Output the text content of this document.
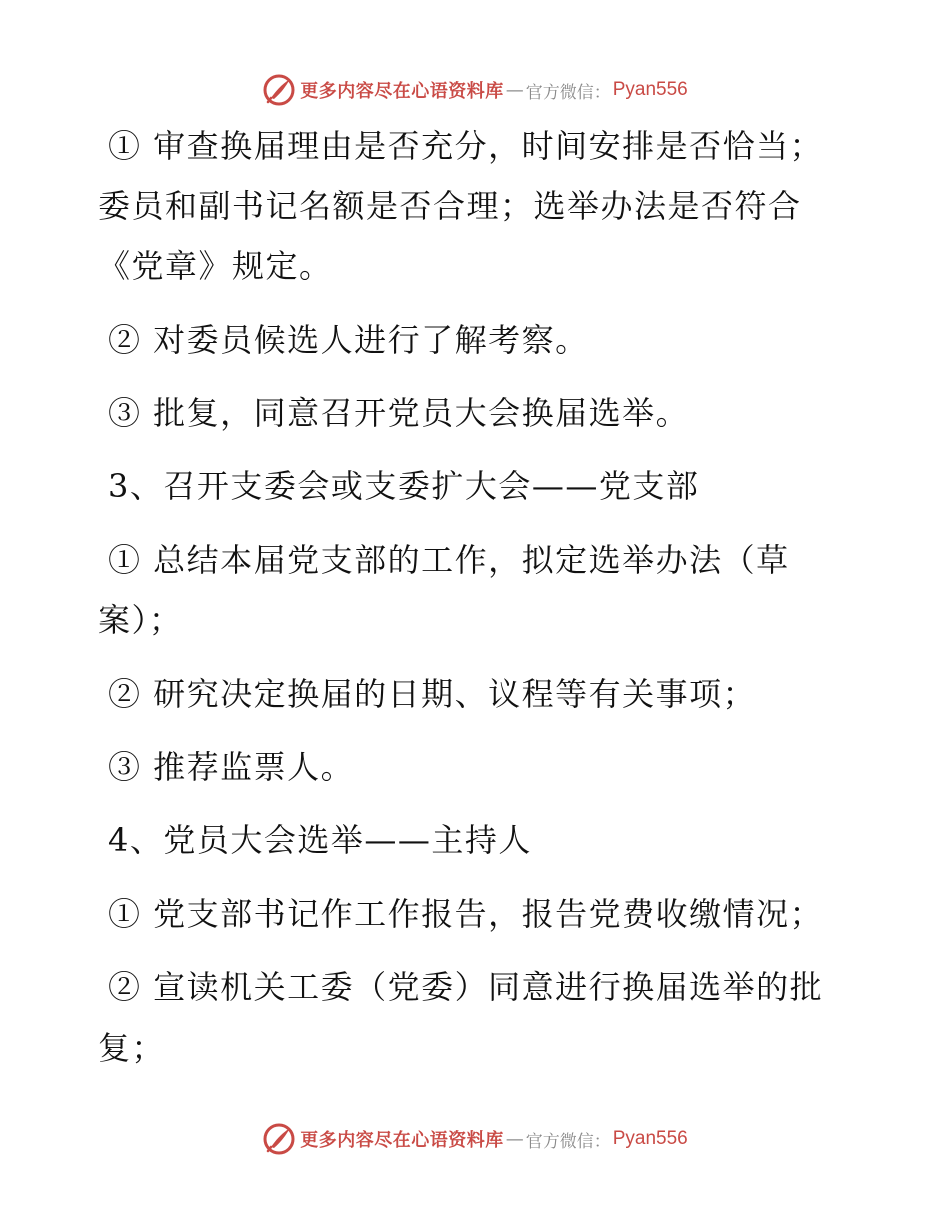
更多内容尽在心语资料库 — 官方微信： Pyan556
① 审查换届理由是否充分，时间安排是否恰当；
委员和副书记名额是否合理；选举办法是否符合
《党章》规定。
② 对委员候选人进行了解考察。
③ 批复，同意召开党员大会换届选举。
3、召开支委会或支委扩大会——党支部
① 总结本届党支部的工作，拟定选举办法（草
案）；
② 研究决定换届的日期、议程等有关事项；
③ 推荐监票人。
4、党员大会选举——主持人
① 党支部书记作工作报告，报告党费收缴情况；
② 宣读机关工委（党委）同意进行换届选举的批
复；
更多内容尽在心语资料库 — 官方微信： Pyan556
